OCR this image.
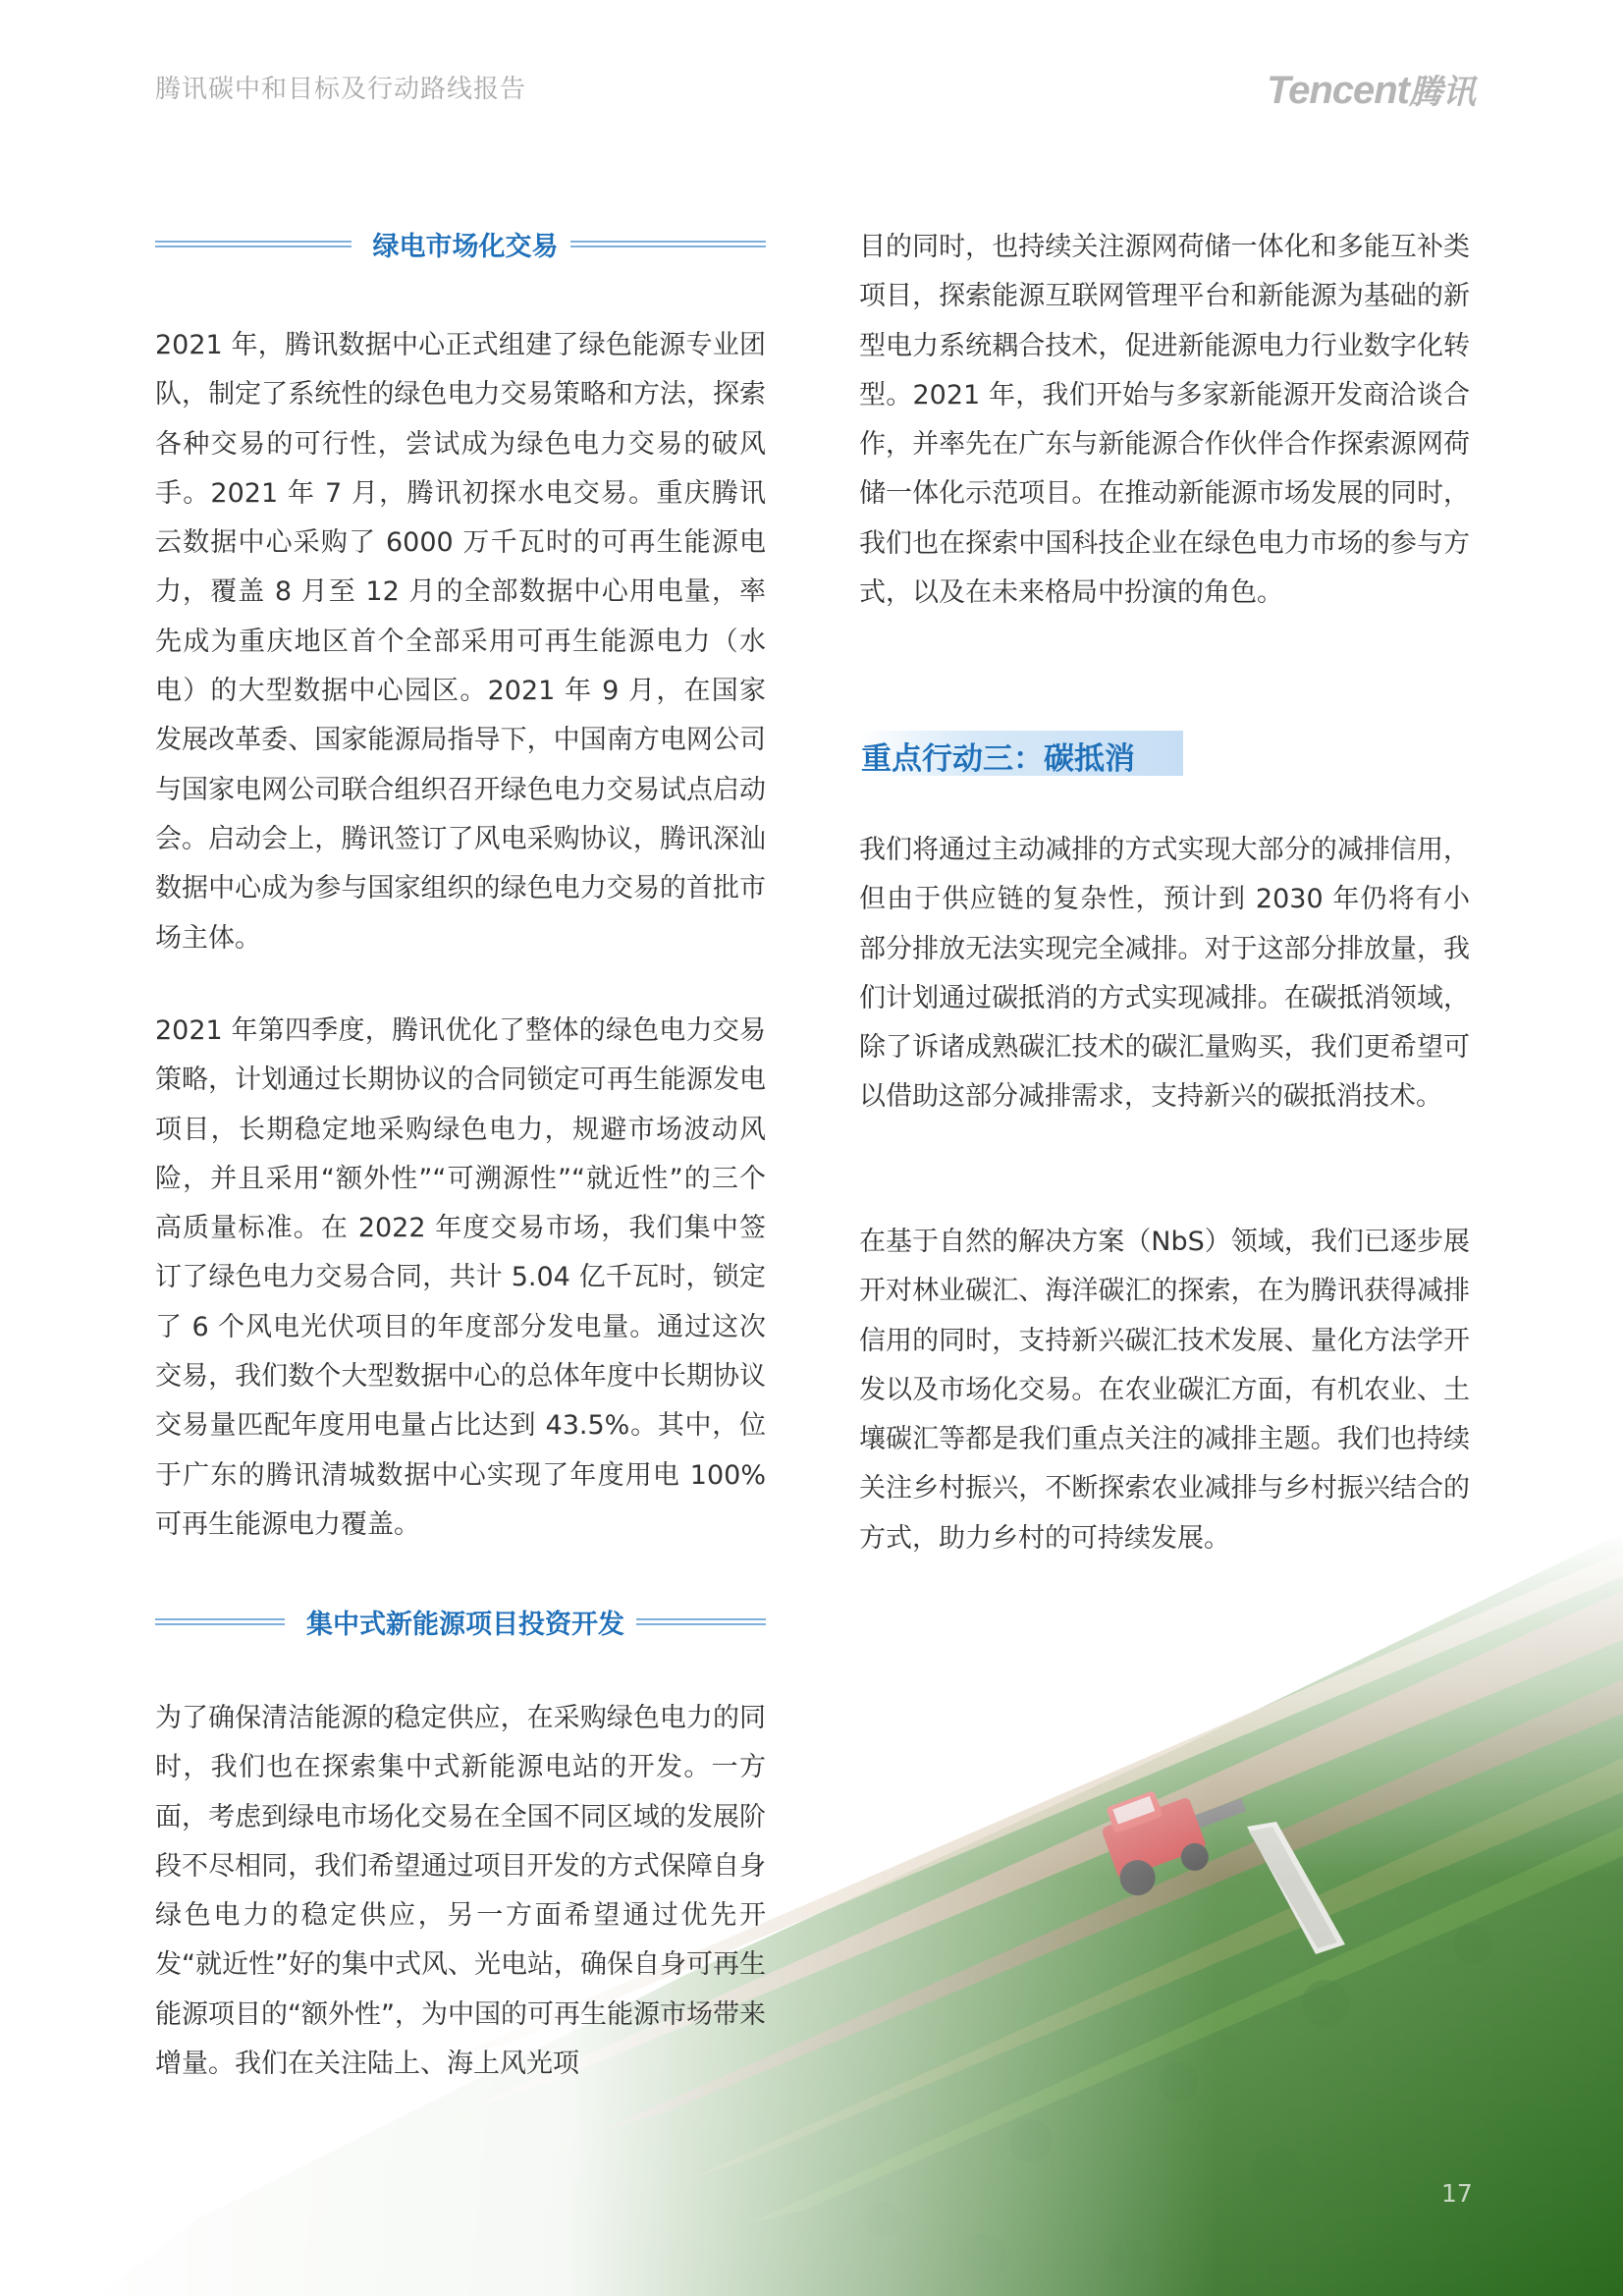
腾讯碳中和目标及行动路线报告	Tencent腾讯
绿电市场化交易

2021 年，腾讯数据中心正式组建了绿色能源专业团队，制定了系统性的绿色电力交易策略和方法，探索各种交易的可行性，尝试成为绿色电力交易的破风手。2021 年 7 月，腾讯初探水电交易。重庆腾讯云数据中心采购了 6000 万千瓦时的可再生能源电力，覆盖 8 月至 12 月的全部数据中心用电量，率先成为重庆地区首个全部采用可再生能源电力（水电）的大型数据中心园区。2021 年 9 月，在国家发展改革委、国家能源局指导下，中国南方电网公司与国家电网公司联合组织召开绿色电力交易试点启动会。启动会上，腾讯签订了风电采购协议，腾讯深汕数据中心成为参与国家组织的绿色电力交易的首批市场主体。

2021 年第四季度，腾讯优化了整体的绿色电力交易策略，计划通过长期协议的合同锁定可再生能源发电项目，长期稳定地采购绿色电力，规避市场波动风险，并且采用“额外性”“可溯源性”“就近性”的三个高质量标准。在 2022 年度交易市场，我们集中签订了绿色电力交易合同，共计 5.04 亿千瓦时，锁定了 6 个风电光伏项目的年度部分发电量。通过这次交易，我们数个大型数据中心的总体年度中长期协议交易量匹配年度用电量占比达到 43.5%。其中，位于广东的腾讯清城数据中心实现了年度用电 100% 可再生能源电力覆盖。

集中式新能源项目投资开发

为了确保清洁能源的稳定供应，在采购绿色电力的同时，我们也在探索集中式新能源电站的开发。一方面，考虑到绿电市场化交易在全国不同区域的发展阶段不尽相同，我们希望通过项目开发的方式保障自身绿色电力的稳定供应，另一方面希望通过优先开发“就近性”好的集中式风、光电站，确保自身可再生能源项目的“额外性”，为中国的可再生能源市场带来增量。我们在关注陆上、海上风光项

目的同时，也持续关注源网荷储一体化和多能互补类项目，探索能源互联网管理平台和新能源为基础的新型电力系统耦合技术，促进新能源电力行业数字化转型。2021 年，我们开始与多家新能源开发商洽谈合作，并率先在广东与新能源合作伙伴合作探索源网荷储一体化示范项目。在推动新能源市场发展的同时，我们也在探索中国科技企业在绿色电力市场的参与方式，以及在未来格局中扮演的角色。

重点行动三：碳抵消

我们将通过主动减排的方式实现大部分的减排信用，但由于供应链的复杂性，预计到 2030 年仍将有小部分排放无法实现完全减排。对于这部分排放量，我们计划通过碳抵消的方式实现减排。在碳抵消领域，除了诉诸成熟碳汇技术的碳汇量购买，我们更希望可以借助这部分减排需求，支持新兴的碳抵消技术。

在基于自然的解决方案（NbS）领域，我们已逐步展开对林业碳汇、海洋碳汇的探索，在为腾讯获得减排信用的同时，支持新兴碳汇技术发展、量化方法学开发以及市场化交易。在农业碳汇方面，有机农业、土壤碳汇等都是我们重点关注的减排主题。我们也持续关注乡村振兴，不断探索农业减排与乡村振兴结合的方式，助力乡村的可持续发展。

17
